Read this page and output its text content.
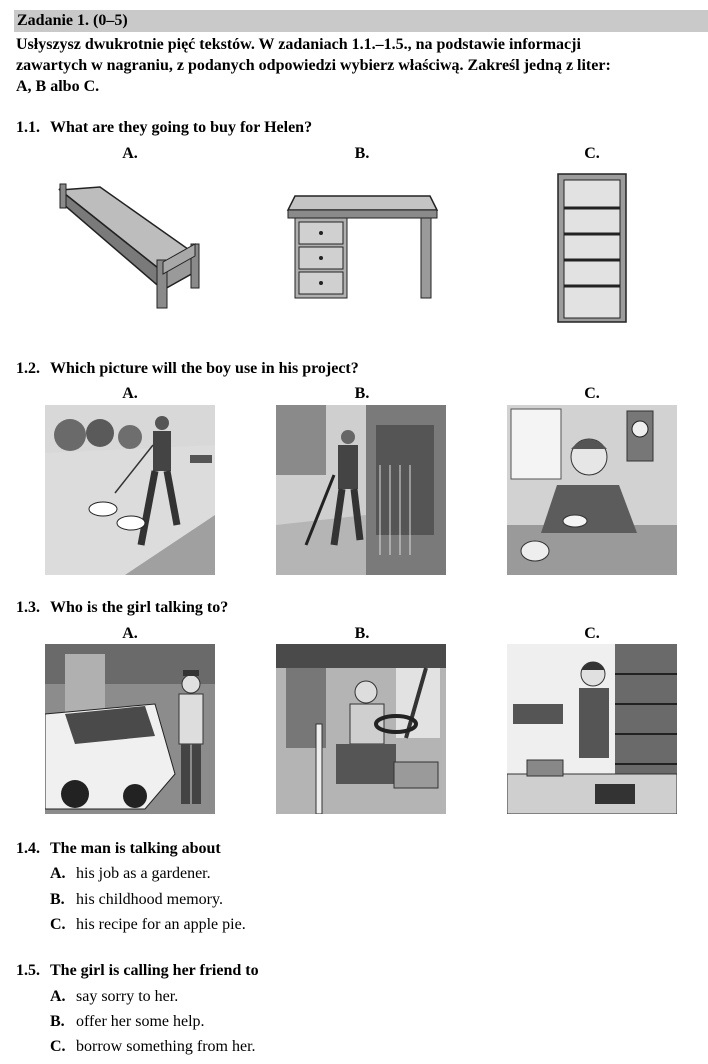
Zadanie 1. (0–5)
Usłyszysz dwukrotnie pięć tekstów. W zadaniach 1.1.–1.5., na podstawie informacji
zawartych w nagraniu, z podanych odpowiedzi wybierz właściwą. Zakreśl jedną z liter:
A, B albo C.
1.1. What are they going to buy for Helen?
A.	B.	C.
1.2. Which picture will the boy use in his project?
A.	B.	C.
1.3. Who is the girl talking to?
A.	B.	C.
1.4. The man is talking about
A. his job as a gardener.
B. his childhood memory.
C. his recipe for an apple pie.
1.5. The girl is calling her friend to
A. say sorry to her.
B. offer her some help.
C. borrow something from her.
